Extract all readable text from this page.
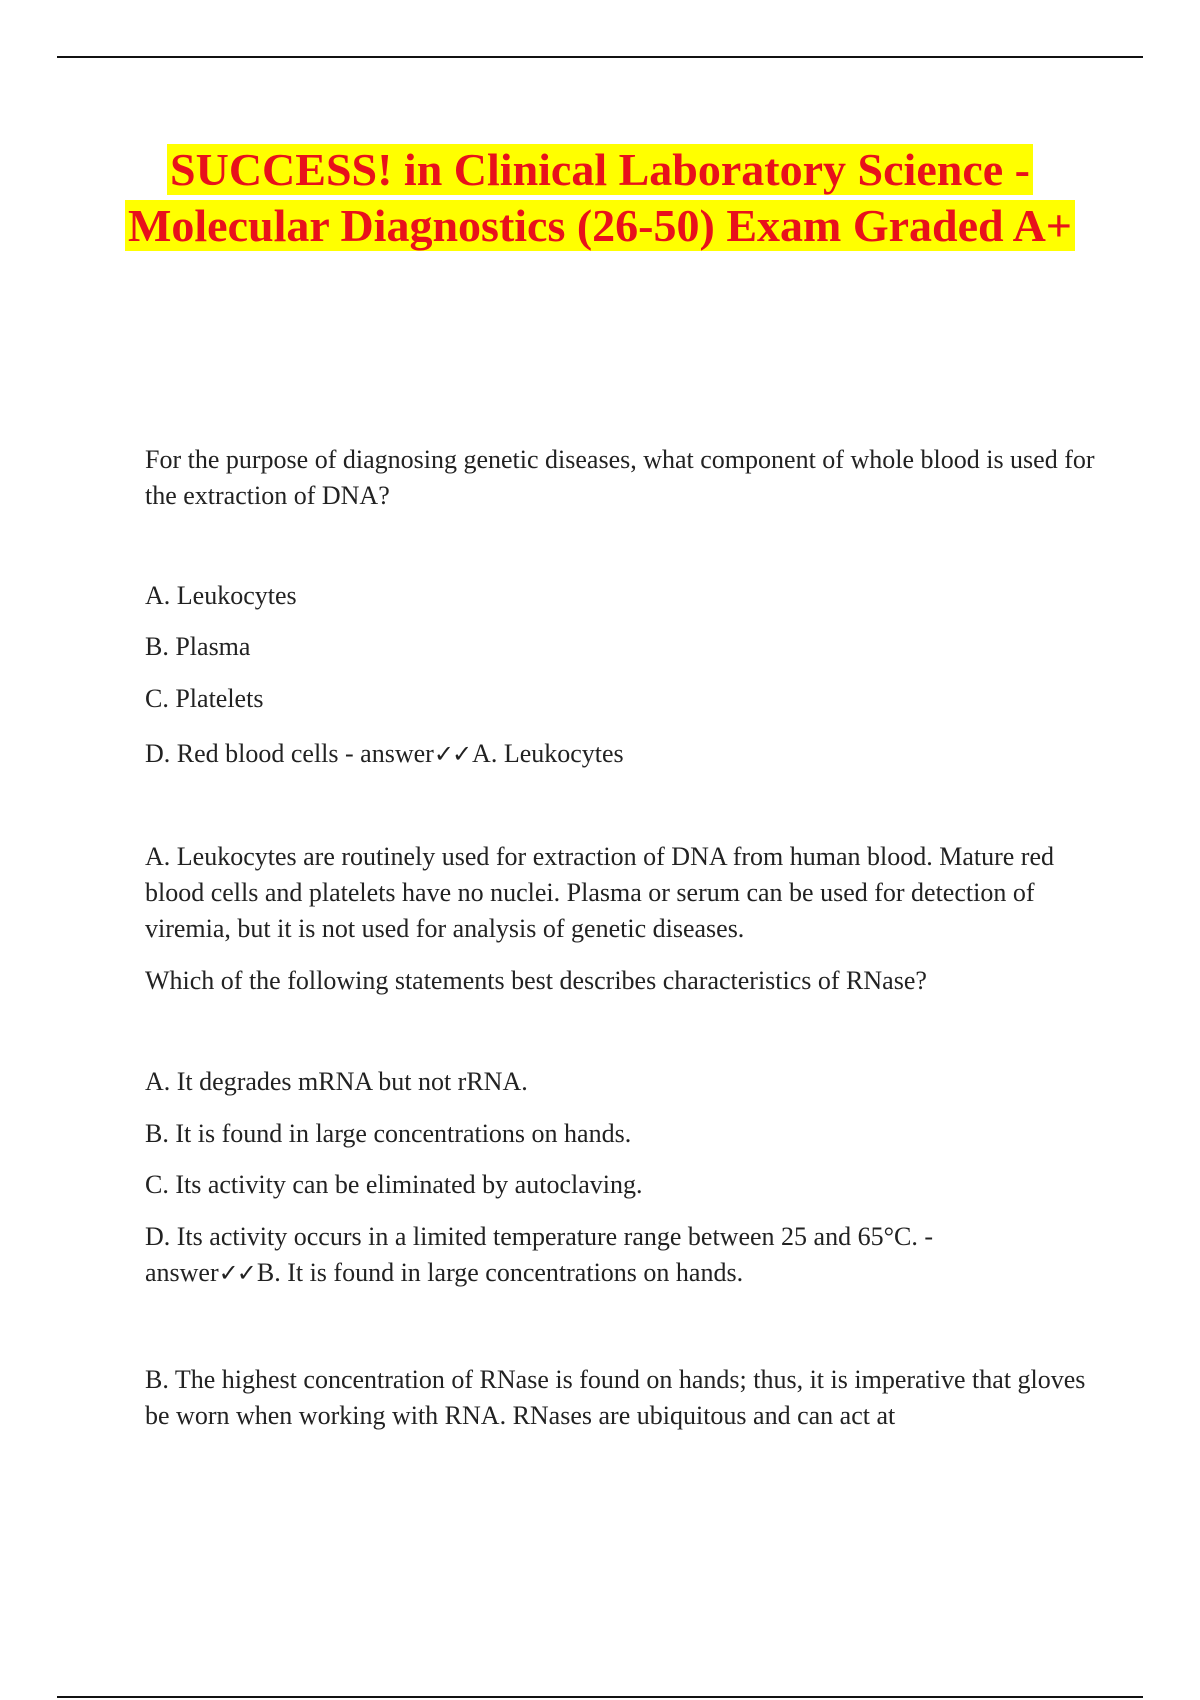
SUCCESS! in Clinical Laboratory Science - Molecular Diagnostics (26-50) Exam Graded A+

For the purpose of diagnosing genetic diseases, what component of whole blood is used for the extraction of DNA?

A. Leukocytes

B. Plasma

C. Platelets

D. Red blood cells - answer✓✓A. Leukocytes

A. Leukocytes are routinely used for extraction of DNA from human blood. Mature red blood cells and platelets have no nuclei. Plasma or serum can be used for detection of viremia, but it is not used for analysis of genetic diseases.

Which of the following statements best describes characteristics of RNase?

A. It degrades mRNA but not rRNA.

B. It is found in large concentrations on hands.

C. Its activity can be eliminated by autoclaving.

D. Its activity occurs in a limited temperature range between 25 and 65°C. - answer✓✓B. It is found in large concentrations on hands.

B. The highest concentration of RNase is found on hands; thus, it is imperative that gloves be worn when working with RNA. RNases are ubiquitous and can act at
